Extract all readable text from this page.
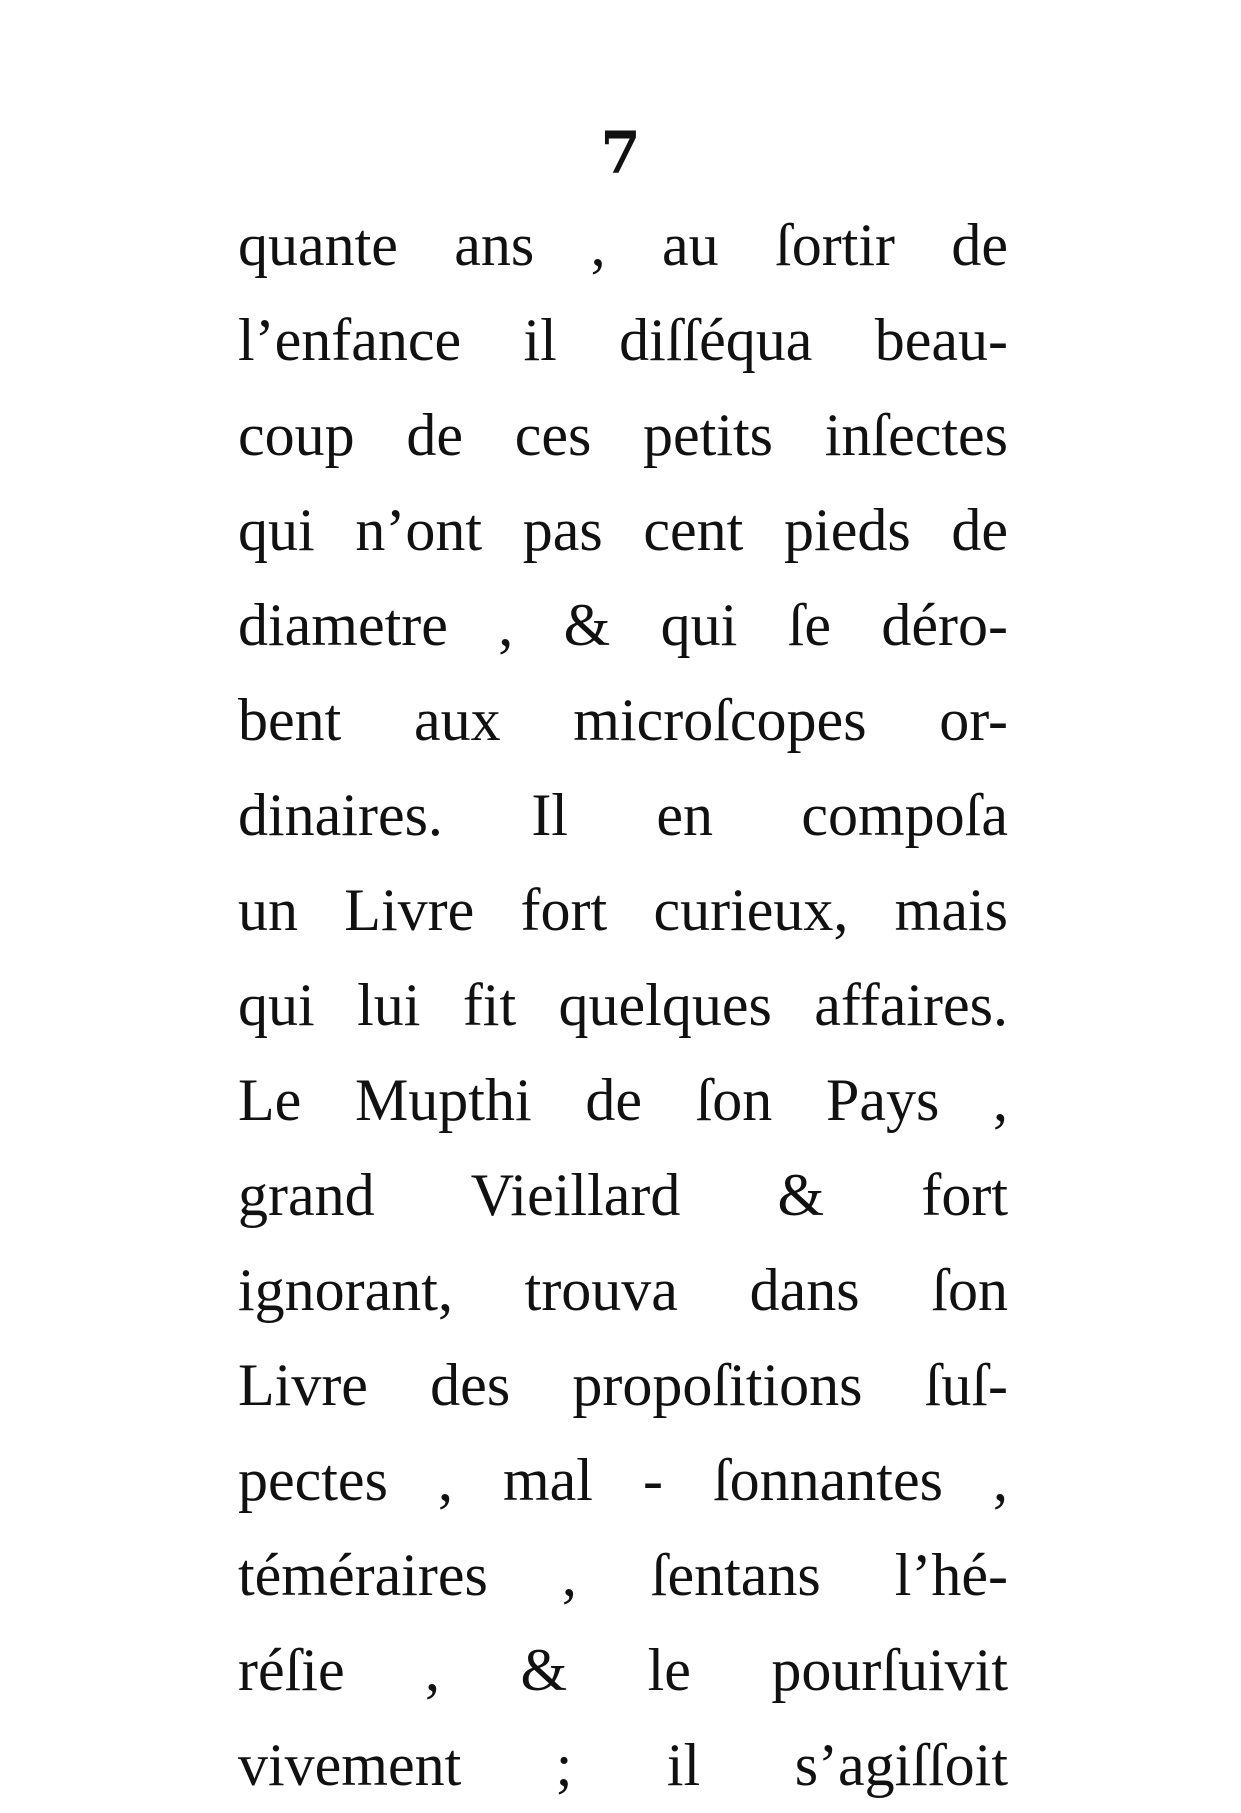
7
quante ans , au ſortir de
l’enfance il diſſéqua beau-
coup de ces petits inſectes
qui n’ont pas cent pieds de
diametre , & qui ſe déro-
bent aux microſcopes or-
dinaires. Il en compoſa
un Livre fort curieux, mais
qui lui fit quelques affaires.
Le Mupthi de ſon Pays ,
grand Vieillard & fort
ignorant, trouva dans ſon
Livre des propoſitions ſuſ-
pectes , mal - ſonnantes ,
téméraires , ſentans l’hé-
réſie , & le pourſuivit
vivement ; il s’agiſſoit
